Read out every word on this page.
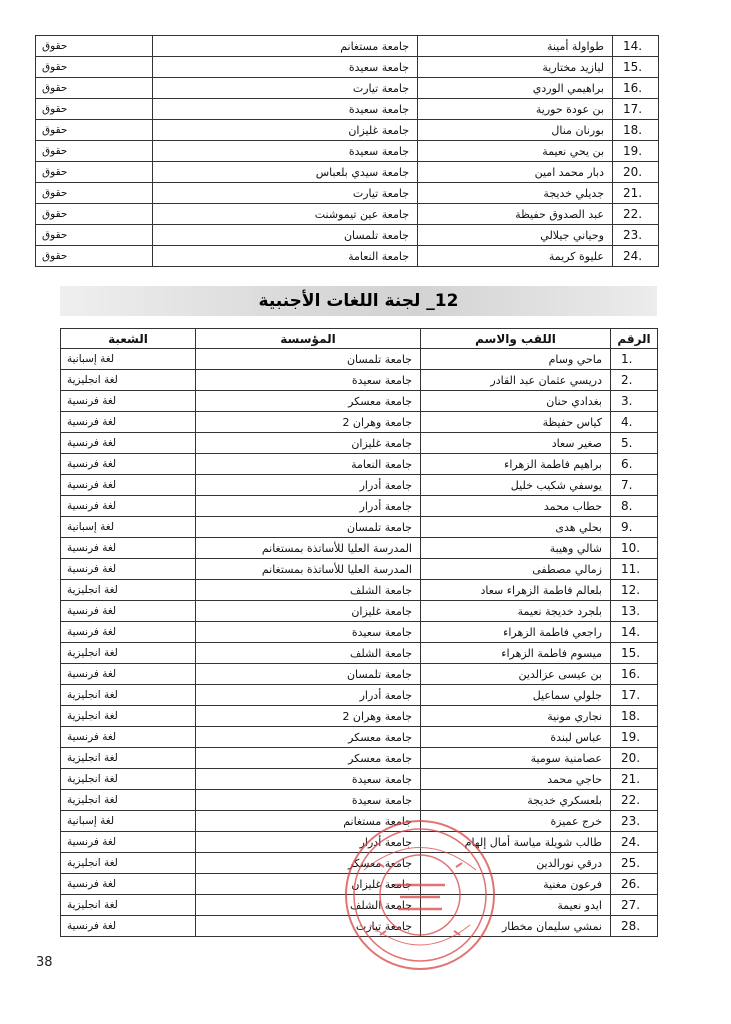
حقوق	جامعة مستغانم	طواولة أمينة	14.
حقوق	جامعة سعيدة	ليازيد مختارية	15.
حقوق	جامعة تيارت	براهيمي الوردي	16.
حقوق	جامعة سعيدة	بن عودة حورية	17.
حقوق	جامعة غليزان	بورنان منال	18.
حقوق	جامعة سعيدة	بن يحي نعيمة	19.
حقوق	جامعة سيدي بلعباس	دبار محمد امين	20.
حقوق	جامعة تيارت	جديلي خديجة	21.
حقوق	جامعة عين تيموشنت	عبد الصدوق حفيظة	22.
حقوق	جامعة تلمسان	وحياني جيلالي	23.
حقوق	جامعة النعامة	عليوة كريمة	24.
12_ لجنة اللغات الأجنبية
الشعبة	المؤسسة	اللقب والاسم	الرقم
لغة إسبانية	جامعة تلمسان	ماحي وسام	1.
لغة انجليزية	جامعة سعيدة	دريسي عثمان عبد القادر	2.
لغة فرنسية	جامعة معسكر	بغدادي حنان	3.
لغة فرنسية	جامعة وهران 2	كياس حفيظة	4.
لغة فرنسية	جامعة غليزان	صغير سعاد	5.
لغة فرنسية	جامعة النعامة	براهيم فاطمة الزهراء	6.
لغة فرنسية	جامعة أدرار	يوسفي شكيب خليل	7.
لغة فرنسية	جامعة أدرار	حطاب محمد	8.
لغة إسبانية	جامعة تلمسان	بحلي هدى	9.
لغة فرنسية	المدرسة العليا للأساتذة بمستغانم	شالي وهيبة	10.
لغة فرنسية	المدرسة العليا للأساتذة بمستغانم	زمالي مصطفى	11.
لغة انجليزية	جامعة الشلف	بلعالم فاطمة الزهراء سعاد	12.
لغة فرنسية	جامعة غليزان	بلجرد خديجة نعيمة	13.
لغة فرنسية	جامعة سعيدة	راجعي فاطمة الزهراء	14.
لغة انجليزية	جامعة الشلف	ميسوم فاطمة الزهراء	15.
لغة فرنسية	جامعة تلمسان	بن عيسى عزالدين	16.
لغة انجليزية	جامعة أدرار	جلولي سماعيل	17.
لغة انجليزية	جامعة وهران 2	نجاري مونية	18.
لغة فرنسية	جامعة معسكر	عباس لبندة	19.
لغة انجليزية	جامعة معسكر	عصامنية سومية	20.
لغة انجليزية	جامعة سعيدة	حاجي محمد	21.
لغة انجليزية	جامعة سعيدة	بلعسكري خديجة	22.
لغة إسبانية	جامعة مستغانم	خرج عميزة	23.
لغة فرنسية	جامعة أدرار	طالب شويلة مياسة أمال إلهام	24.
لغة انجليزية	جامعة معسكر	درقي نورالدين	25.
لغة فرنسية	جامعة غليزان	فرعون مغنية	26.
لغة انجليزية	جامعة الشلف	ايدو نعيمة	27.
لغة فرنسية	جامعة تيارت	نمشي سليمان مخطار	28.
38
